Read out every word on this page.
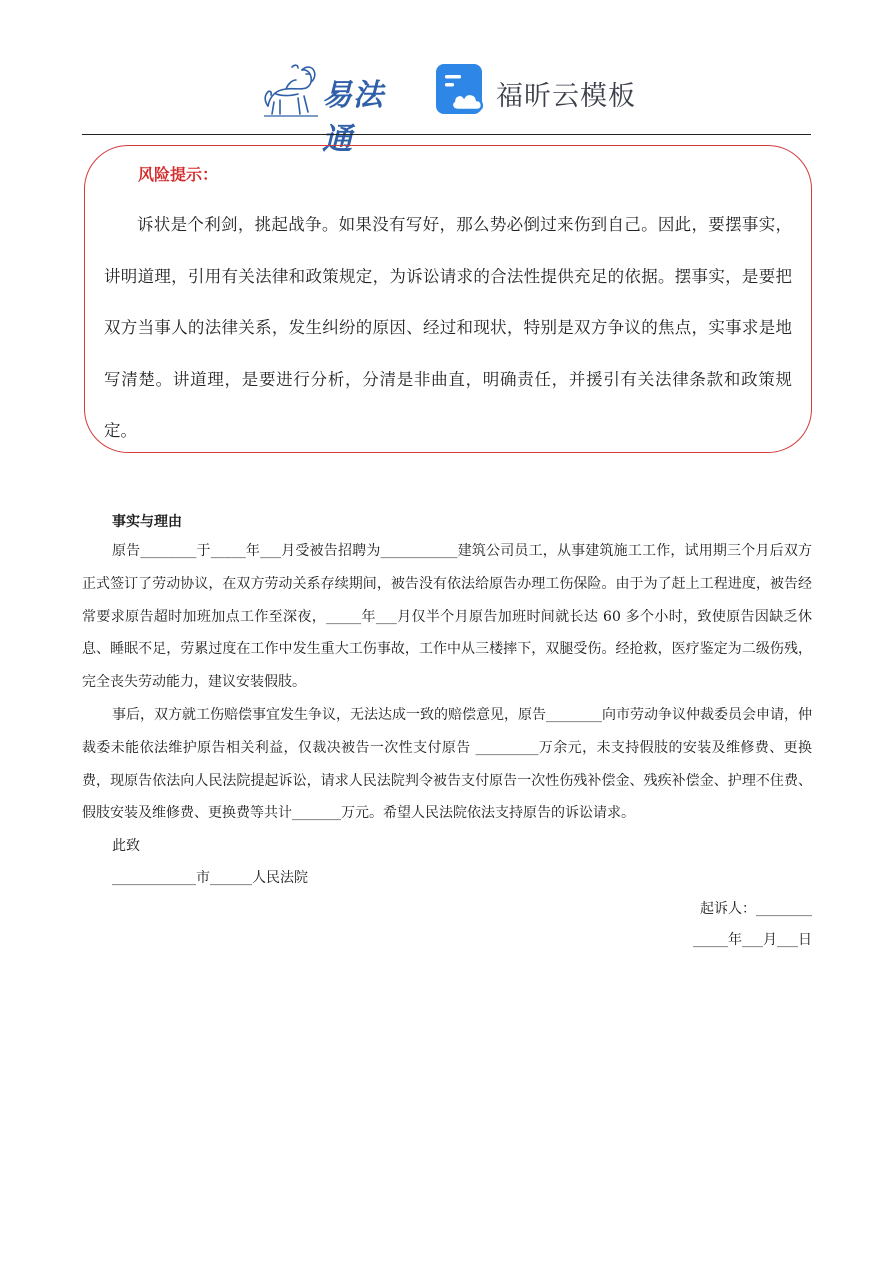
易法通
福昕云模板
风险提示：

诉状是个利剑，挑起战争。如果没有写好，那么势必倒过来伤到自己。因此，要摆事实，讲明道理，引用有关法律和政策规定，为诉讼请求的合法性提供充足的依据。摆事实，是要把双方当事人的法律关系，发生纠纷的原因、经过和现状，特别是双方争议的焦点，实事求是地写清楚。讲道理，是要进行分析，分清是非曲直，明确责任，并援引有关法律条款和政策规定。

事实与理由

原告________于_____年___月受被告招聘为___________建筑公司员工，从事建筑施工工作，试用期三个月后双方正式签订了劳动协议，在双方劳动关系存续期间，被告没有依法给原告办理工伤保险。由于为了赶上工程进度，被告经常要求原告超时加班加点工作至深夜，_____年___月仅半个月原告加班时间就长达 60 多个小时，致使原告因缺乏休息、睡眠不足，劳累过度在工作中发生重大工伤事故，工作中从三楼摔下，双腿受伤。经抢救，医疗鉴定为二级伤残，完全丧失劳动能力，建议安装假肢。

事后，双方就工伤赔偿事宜发生争议，无法达成一致的赔偿意见，原告________向市劳动争议仲裁委员会申请，仲裁委未能依法维护原告相关利益，仅裁决被告一次性支付原告 _________万余元，未支持假肢的安装及维修费、更换费，现原告依法向人民法院提起诉讼，请求人民法院判令被告支付原告一次性伤残补偿金、残疾补偿金、护理不住费、假肢安装及维修费、更换费等共计_______万元。希望人民法院依法支持原告的诉讼请求。

此致

____________市______人民法院

起诉人：________

_____年___月___日
